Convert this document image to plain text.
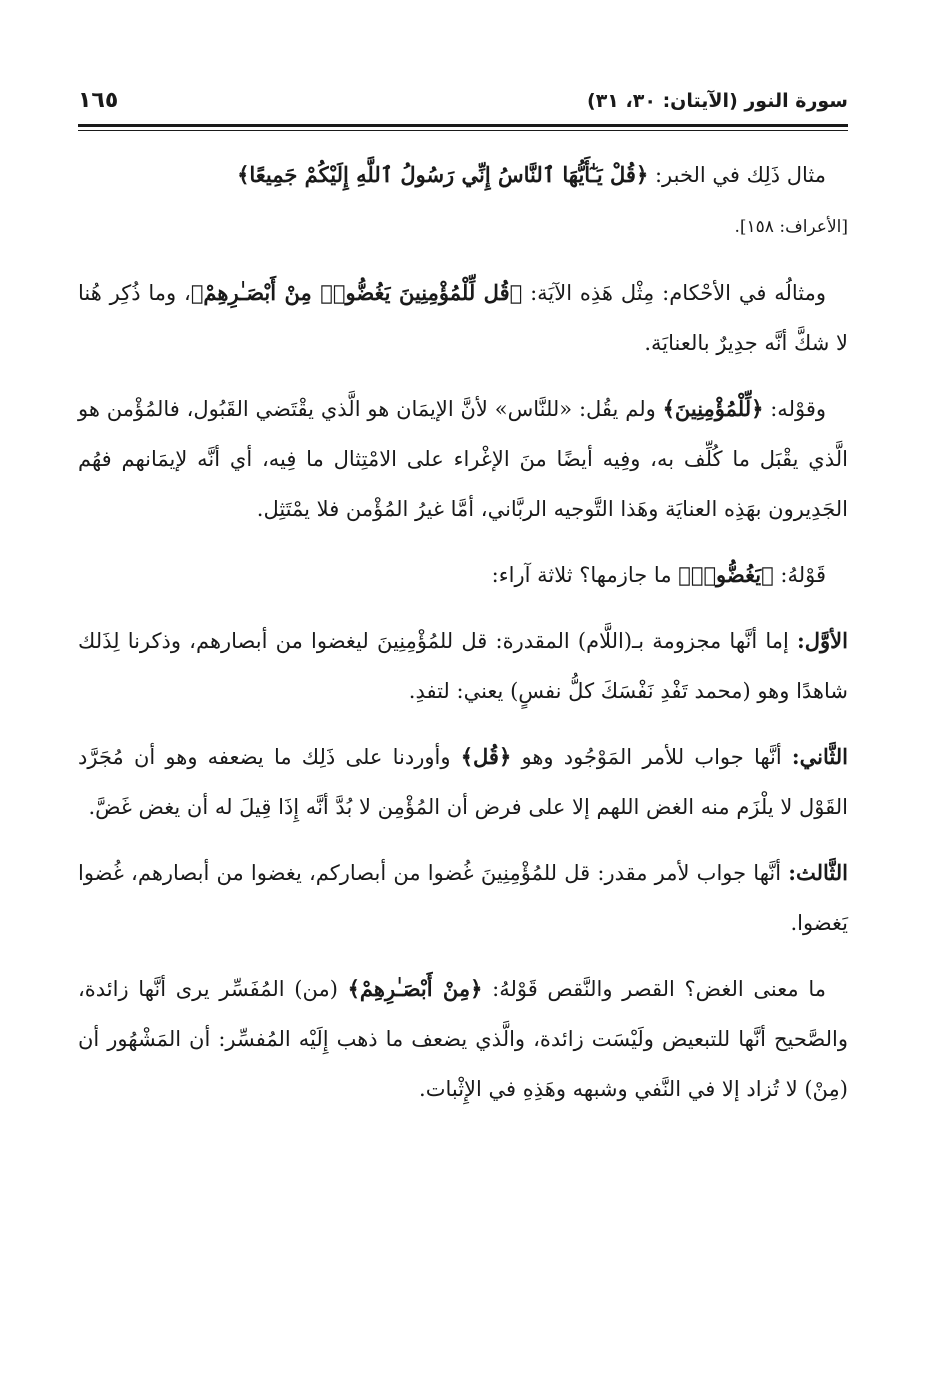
سورة النور (الآيتان: ٣٠، ٣١)
١٦٥

مثال ذَلِك في الخبر: ﴿قُلْ يَـٰٓأَيُّهَا ٱلنَّاسُ إِنِّي رَسُولُ ٱللَّهِ إِلَيْكُمْ جَمِيعًا﴾
[الأعراف: ١٥٨].

ومثالُه في الأحْكام: مِثْل هَذِه الآيَة: ﴿قُل لِّلْمُؤْمِنِينَ يَغُضُّوا۟ مِنْ أَبْصَـٰرِهِمْ﴾، وما ذُكِر هُنا لا شكَّ أنَّه جدِيرٌ بالعنايَة.

وقوْله: ﴿لِّلْمُؤْمِنِينَ﴾ ولم يقُل: «للنَّاس» لأنَّ الإيمَان هو الَّذي يقْتَضي القَبُول، فالمُؤْمن هو الَّذي يقْبَل ما كُلِّف به، وفِيه أيضًا منَ الإغْراء على الامْتِثال ما فِيه، أي أنَّه لإيمَانهم فهُم الجَدِيرون بهَذِه العنايَة وهَذا التَّوجيه الربَّاني، أمَّا غيرُ المُؤْمن فلا يمْتَثِل.

قَوْلهُ: ﴿يَغُضُّوا۟﴾ ما جازمها؟ ثلاثة آراء:

الأوَّل: إما أنَّها مجزومة بـ(اللَّام) المقدرة: قل للمُؤْمِنِينَ ليغضوا من أبصارهم، وذكرنا لِذَلك شاهدًا وهو (محمد تَفْدِ نَفْسَكَ كلُّ نفسٍ) يعني: لتفدِ.

الثَّاني: أنَّها جواب للأمر المَوْجُود وهو ﴿قُل﴾ وأوردنا على ذَلِك ما يضعفه وهو أن مُجَرَّد القَوْل لا يلْزَم منه الغض اللهم إلا على فرض أن المُؤْمِن لا بُدَّ أنَّه إِذَا قِيلَ له أن يغض غَضَّ.

الثَّالث: أنَّها جواب لأمر مقدر: قل للمُؤْمِنِينَ غُضوا من أبصاركم، يغضوا من أبصارهم، غُضوا يَغضوا.

ما معنى الغض؟ القصر والنَّقص قَوْلهُ: ﴿مِنْ أَبْصَـٰرِهِمْ﴾ (من) المُفَسِّر يرى أنَّها زائدة، والصَّحيح أنَّها للتبعيض ولَيْسَت زائدة، والَّذي يضعف ما ذهب إِلَيْه المُفسِّر: أن المَشْهُور أن (مِنْ) لا تُزاد إلا في النَّفي وشبهه وهَذِهِ في الإِثْبات.
